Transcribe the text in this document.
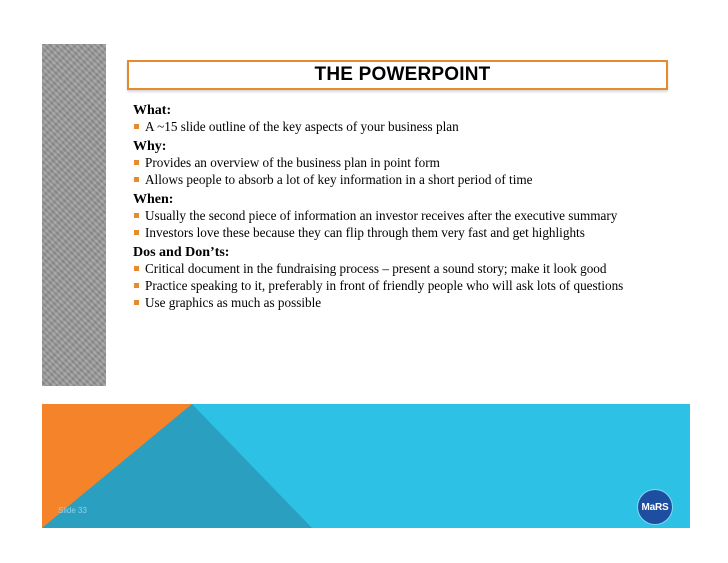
THE POWERPOINT
What:
A ~15 slide outline of the key aspects of your business plan
Why:
Provides an overview of the business plan in point form
Allows people to absorb a lot of key information in a short period of time
When:
Usually the second piece of information an investor receives after the executive summary
Investors love these because they can flip through them very fast and get highlights
Dos and Don’ts:
Critical document in the fundraising process – present a sound story; make it look good
Practice speaking to it, preferably in front of friendly people who will ask lots of questions
Use graphics as much as possible
Slide 33	MaRS
